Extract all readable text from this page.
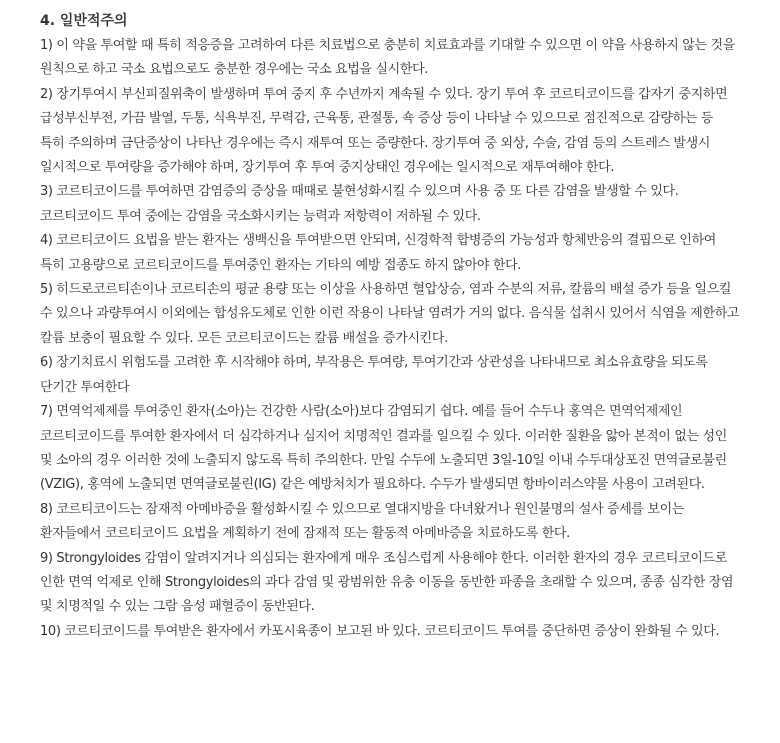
4. 일반적주의

1) 이 약을 투여할 때 특히 적응증을 고려하여 다른 치료법으로 충분히 치료효과를 기대할 수 있으면 이 약을 사용하지 않는 것을 원칙으로 하고 국소 요법으로도 충분한 경우에는 국소 요법을 실시한다.

2) 장기투여시 부신피질위축이 발생하며 투여 중지 후 수년까지 계속될 수 있다. 장기 투여 후 코르티코이드를 갑자기 중지하면 급성부신부전, 가끔 발열, 두통, 식욕부진, 무력감, 근육통, 관절통, 쇽 증상 등이 나타날 수 있으므로 점진적으로 감량하는 등 특히 주의하며 금단증상이 나타난 경우에는 즉시 재투여 또는 증량한다. 장기투여 중 외상, 수술, 감염 등의 스트레스 발생시 일시적으로 투여량을 증가해야 하며, 장기투여 후 투여 중지상태인 경우에는 일시적으로 재투여해야 한다.

3) 코르티코이드를 투여하면 감염증의 증상을 때때로 불현성화시킬 수 있으며 사용 중 또 다른 감염을 발생할 수 있다. 코르티코이드 투여 중에는 감염을 국소화시키는 능력과 저항력이 저하될 수 있다.

4) 코르티코이드 요법을 받는 환자는 생백신을 투여받으면 안되며, 신경학적 합병증의 가능성과 항체반응의 결핍으로 인하여 특히 고용량으로 코르티코이드를 투여중인 환자는 기타의 예방 접종도 하지 않아야 한다.

5) 히드로코르티손이나 코르티손의 평균 용량 또는 이상을 사용하면 혈압상승, 염과 수분의 저류, 칼륨의 배설 증가 등을 일으킬 수 있으나 과량투여시 이외에는 합성유도체로 인한 이런 작용이 나타날 염려가 거의 없다. 음식물 섭취시 있어서 식염을 제한하고 칼륨 보충이 필요할 수 있다. 모든 코르티코이드는 칼륨 배설을 증가시킨다.

6) 장기치료시 위험도를 고려한 후 시작해야 하며, 부작용은 투여량, 투여기간과 상관성을 나타내므로 최소유효량을 되도록 단기간 투여한다

7) 면역억제제를 투여중인 환자(소아)는 건강한 사람(소아)보다 감염되기 쉽다. 예를 들어 수두나 홍역은 면역억제제인 코르티코이드를 투여한 환자에서 더 심각하거나 심지어 치명적인 결과를 일으킬 수 있다. 이러한 질환을 앓아 본적이 없는 성인 및 소아의 경우 이러한 것에 노출되지 않도록 특히 주의한다. 만일 수두에 노출되면 3일-10일 이내 수두대상포진 면역글로불린(VZIG), 홍역에 노출되면 면역글로불린(IG) 같은 예방처치가 필요하다. 수두가 발생되면 항바이러스약물 사용이 고려된다.

8) 코르티코이드는 잠재적 아메바증을 활성화시킬 수 있으므로 열대지방을 다녀왔거나 원인불명의 설사 증세를 보이는 환자들에서 코르티코이드 요법을 계획하기 전에 잠재적 또는 활동적 아메바증을 치료하도록 한다.

9) Strongyloides 감염이 알려지거나 의심되는 환자에게 매우 조심스럽게 사용해야 한다. 이러한 환자의 경우 코르티코이드로 인한 면역 억제로 인해 Strongyloides의 과다 감염 및 광범위한 유충 이동을 동반한 파종을 초래할 수 있으며, 종종 심각한 장염 및 치명적일 수 있는 그람 음성 패혈증이 동반된다.

10) 코르티코이드를 투여받은 환자에서 카포시육종이 보고된 바 있다. 코르티코이드 투여를 중단하면 증상이 완화될 수 있다.
